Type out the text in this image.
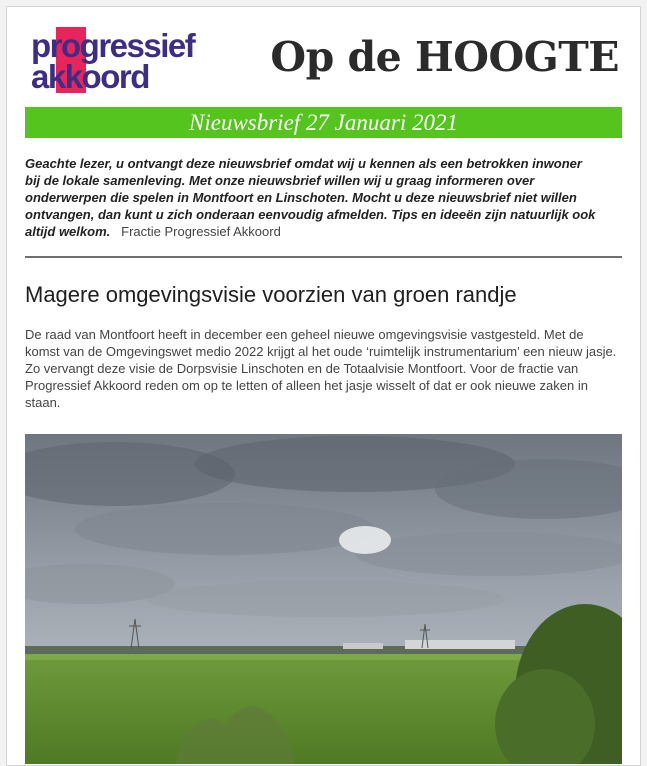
progressief
akkoord	Op de HOOGTE
Nieuwsbrief 27 Januari 2021
Geachte lezer, u ontvangt deze nieuwsbrief omdat wij u kennen als een betrokken inwoner bij de lokale samenleving. Met onze nieuwsbrief willen wij u graag informeren over onderwerpen die spelen in Montfoort en Linschoten. Mocht u deze nieuwsbrief niet willen ontvangen, dan kunt u zich onderaan eenvoudig afmelden. Tips en ideeën zijn natuurlijk ook altijd welkom. Fractie Progressief Akkoord
Magere omgevingsvisie voorzien van groen randje
De raad van Montfoort heeft in december een geheel nieuwe omgevingsvisie vastgesteld. Met de komst van de Omgevingswet medio 2022 krijgt al het oude ‘ruimtelijk instrumentarium’ een nieuw jasje. Zo vervangt deze visie de Dorpsvisie Linschoten en de Totaalvisie Montfoort. Voor de fractie van Progressief Akkoord reden om op te letten of alleen het jasje wisselt of dat er ook nieuwe zaken in staan.
